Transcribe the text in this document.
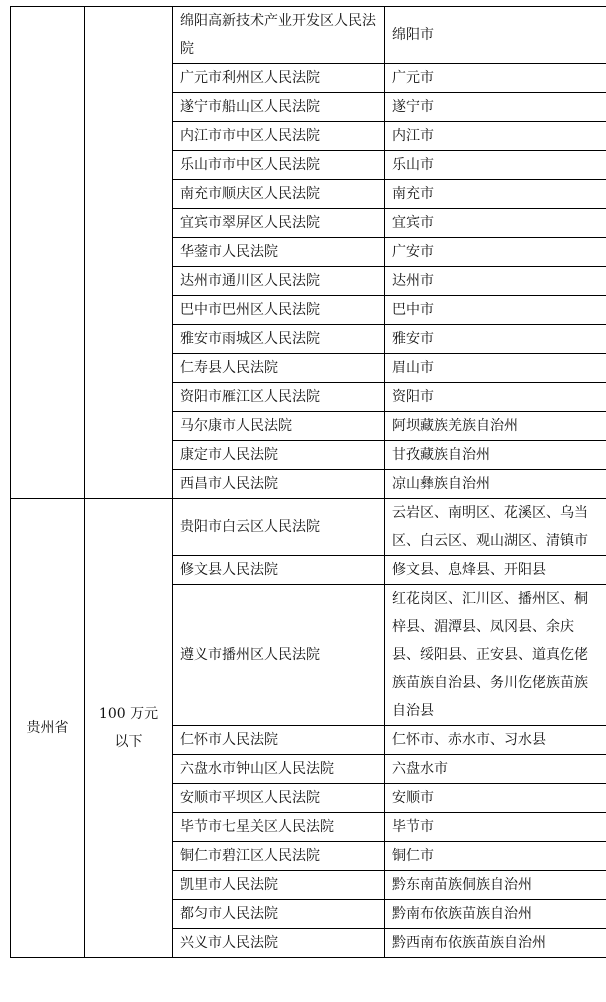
		绵阳高新技术产业开发区人民法院	绵阳市
		广元市利州区人民法院	广元市
		遂宁市船山区人民法院	遂宁市
		内江市市中区人民法院	内江市
		乐山市市中区人民法院	乐山市
		南充市顺庆区人民法院	南充市
		宜宾市翠屏区人民法院	宜宾市
		华蓥市人民法院	广安市
		达州市通川区人民法院	达州市
		巴中市巴州区人民法院	巴中市
		雅安市雨城区人民法院	雅安市
		仁寿县人民法院	眉山市
		资阳市雁江区人民法院	资阳市
		马尔康市人民法院	阿坝藏族羌族自治州
		康定市人民法院	甘孜藏族自治州
		西昌市人民法院	凉山彝族自治州
贵州省	100 万元以下	贵阳市白云区人民法院	云岩区、南明区、花溪区、乌当区、白云区、观山湖区、清镇市
		修文县人民法院	修文县、息烽县、开阳县
		遵义市播州区人民法院	红花岗区、汇川区、播州区、桐梓县、湄潭县、凤冈县、余庆县、绥阳县、正安县、道真仡佬族苗族自治县、务川仡佬族苗族自治县
		仁怀市人民法院	仁怀市、赤水市、习水县
		六盘水市钟山区人民法院	六盘水市
		安顺市平坝区人民法院	安顺市
		毕节市七星关区人民法院	毕节市
		铜仁市碧江区人民法院	铜仁市
		凯里市人民法院	黔东南苗族侗族自治州
		都匀市人民法院	黔南布依族苗族自治州
		兴义市人民法院	黔西南布依族苗族自治州
